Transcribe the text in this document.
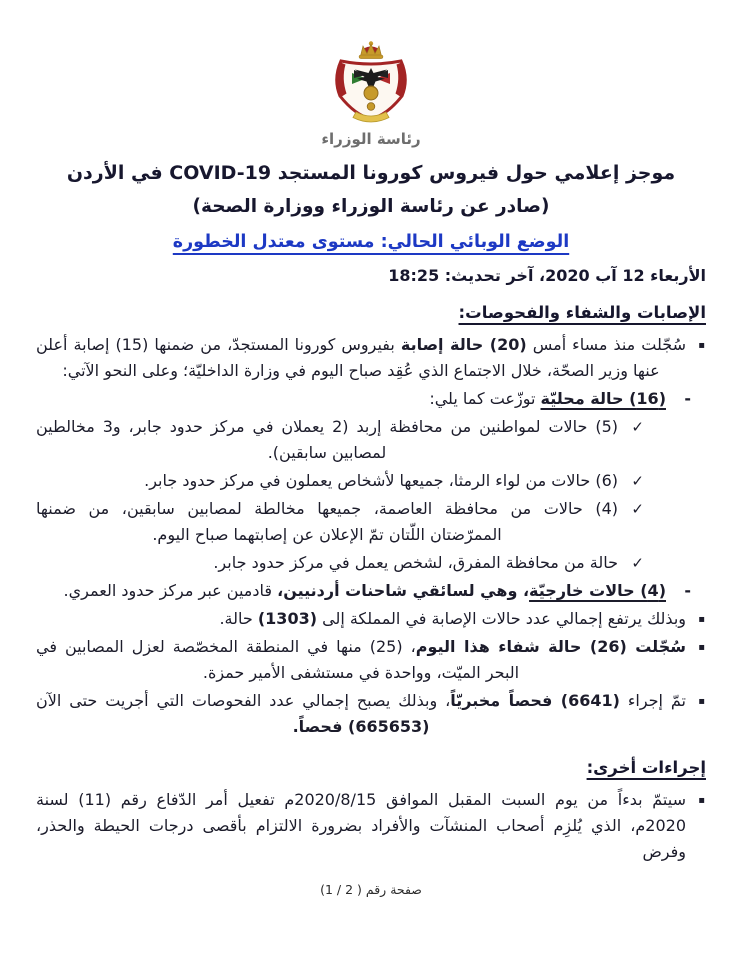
رئاسة الوزراء
موجز إعلامي حول فيروس كورونا المستجد COVID-19 في الأردن
(صادر عن رئاسة الوزراء ووزارة الصحة)
الوضع الوبائي الحالي: مستوى معتدل الخطورة
الأربعاء 12 آب 2020، آخر تحديث: 18:25
الإصابات والشفاء والفحوصات:
▪
سُجّلت منذ مساء أمس (20) حالة إصابة بفيروس كورونا المستجدّ، من ضمنها (15) إصابة أعلن عنها وزير الصحّة، خلال الاجتماع الذي عُقِد صباح اليوم في وزارة الداخليّة؛ وعلى النحو الآتي:
-
(16) حالة محليّة توزّعت كما يلي:
✓
(5) حالات لمواطنين من محافظة إربد (2 يعملان في مركز حدود جابر، و3 مخالطين لمصابين سابقين).
✓
(6) حالات من لواء الرمثا، جميعها لأشخاص يعملون في مركز حدود جابر.
✓
(4) حالات من محافظة العاصمة، جميعها مخالطة لمصابين سابقين، من ضمنها الممرّضتان اللّتان تمّ الإعلان عن إصابتهما صباح اليوم.
✓
حالة من محافظة المفرق، لشخص يعمل في مركز حدود جابر.
-
(4) حالات خارجيّة، وهي لسائقي شاحنات أردنيين، قادمين عبر مركز حدود العمري.
▪
وبذلك يرتفع إجمالي عدد حالات الإصابة في المملكة إلى (1303) حالة.
▪
سُجّلت (26) حالة شفاء هذا اليوم، (25) منها في المنطقة المخصّصة لعزل المصابين في البحر الميّت، وواحدة في مستشفى الأمير حمزة.
▪
تمّ إجراء (6641) فحصاً مخبريّاً، وبذلك يصبح إجمالي عدد الفحوصات التي أجريت حتى الآن (665653) فحصاً.
إجراءات أخرى:
▪
سيتمّ بدءاً من يوم السبت المقبل الموافق 2020/8/15م تفعيل أمر الدّفاع رقم (11) لسنة 2020م، الذي يُلزِم أصحاب المنشآت والأفراد بضرورة الالتزام بأقصى درجات الحيطة والحذر، وفرض
صفحة رقم ( 2 / 1)
